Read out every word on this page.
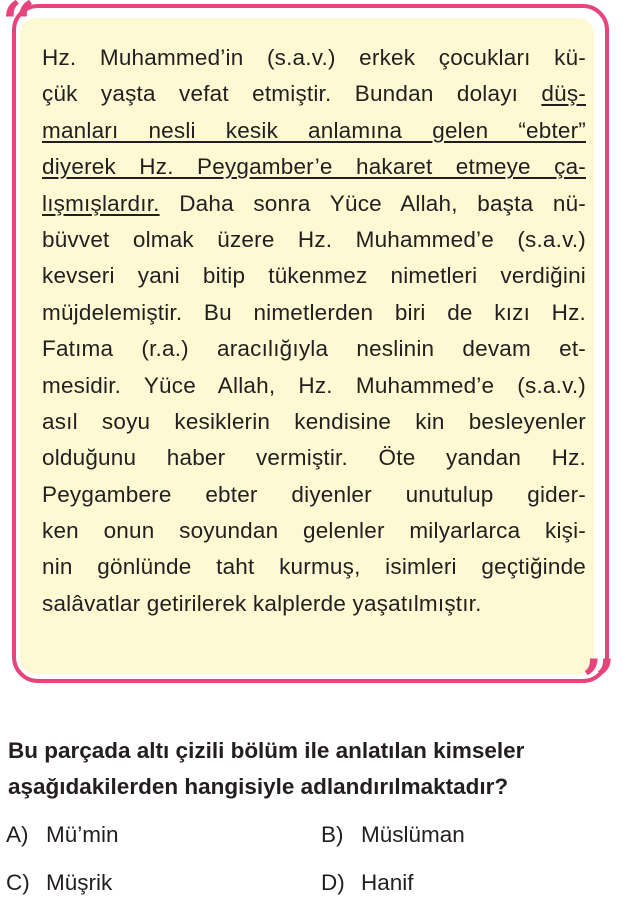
“
”
Hz. Muhammed’in (s.a.v.) erkek çocukları kü-
çük yaşta vefat etmiştir. Bundan dolayı düş-
manları nesli kesik anlamına gelen “ebter”
diyerek Hz. Peygamber’e hakaret etmeye ça-
lışmışlardır. Daha sonra Yüce Allah, başta nü-
büvvet olmak üzere Hz. Muhammed’e (s.a.v.)
kevseri yani bitip tükenmez nimetleri verdiğini
müjdelemiştir. Bu nimetlerden biri de kızı Hz.
Fatıma (r.a.) aracılığıyla neslinin devam et-
mesidir. Yüce Allah, Hz. Muhammed’e (s.a.v.)
asıl soyu kesiklerin kendisine kin besleyenler
olduğunu haber vermiştir. Öte yandan Hz.
Peygambere ebter diyenler unutulup gider-
ken onun soyundan gelenler milyarlarca kişi-
nin gönlünde taht kurmuş, isimleri geçtiğinde
salâvatlar getirilerek kalplerde yaşatılmıştır.
Bu parçada altı çizili bölüm ile anlatılan kimseler
aşağıdakilerden hangisiyle adlandırılmaktadır?
A) Mü’min	B) Müslüman
C) Müşrik	D) Hanif
